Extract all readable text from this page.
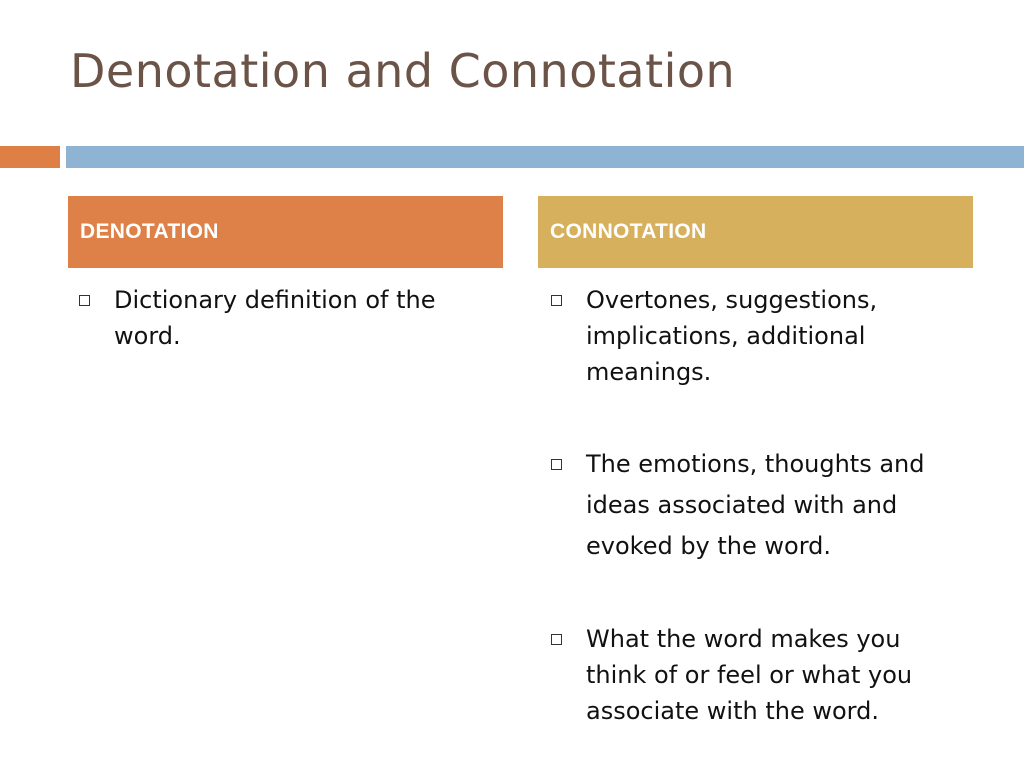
Denotation and Connotation
DENOTATION	CONNOTATION
Dictionary definition of the word.
Overtones, suggestions, implications, additional meanings.
The emotions, thoughts and ideas associated with and evoked by the word.
What the word makes you think of or feel or what you associate with the word.
